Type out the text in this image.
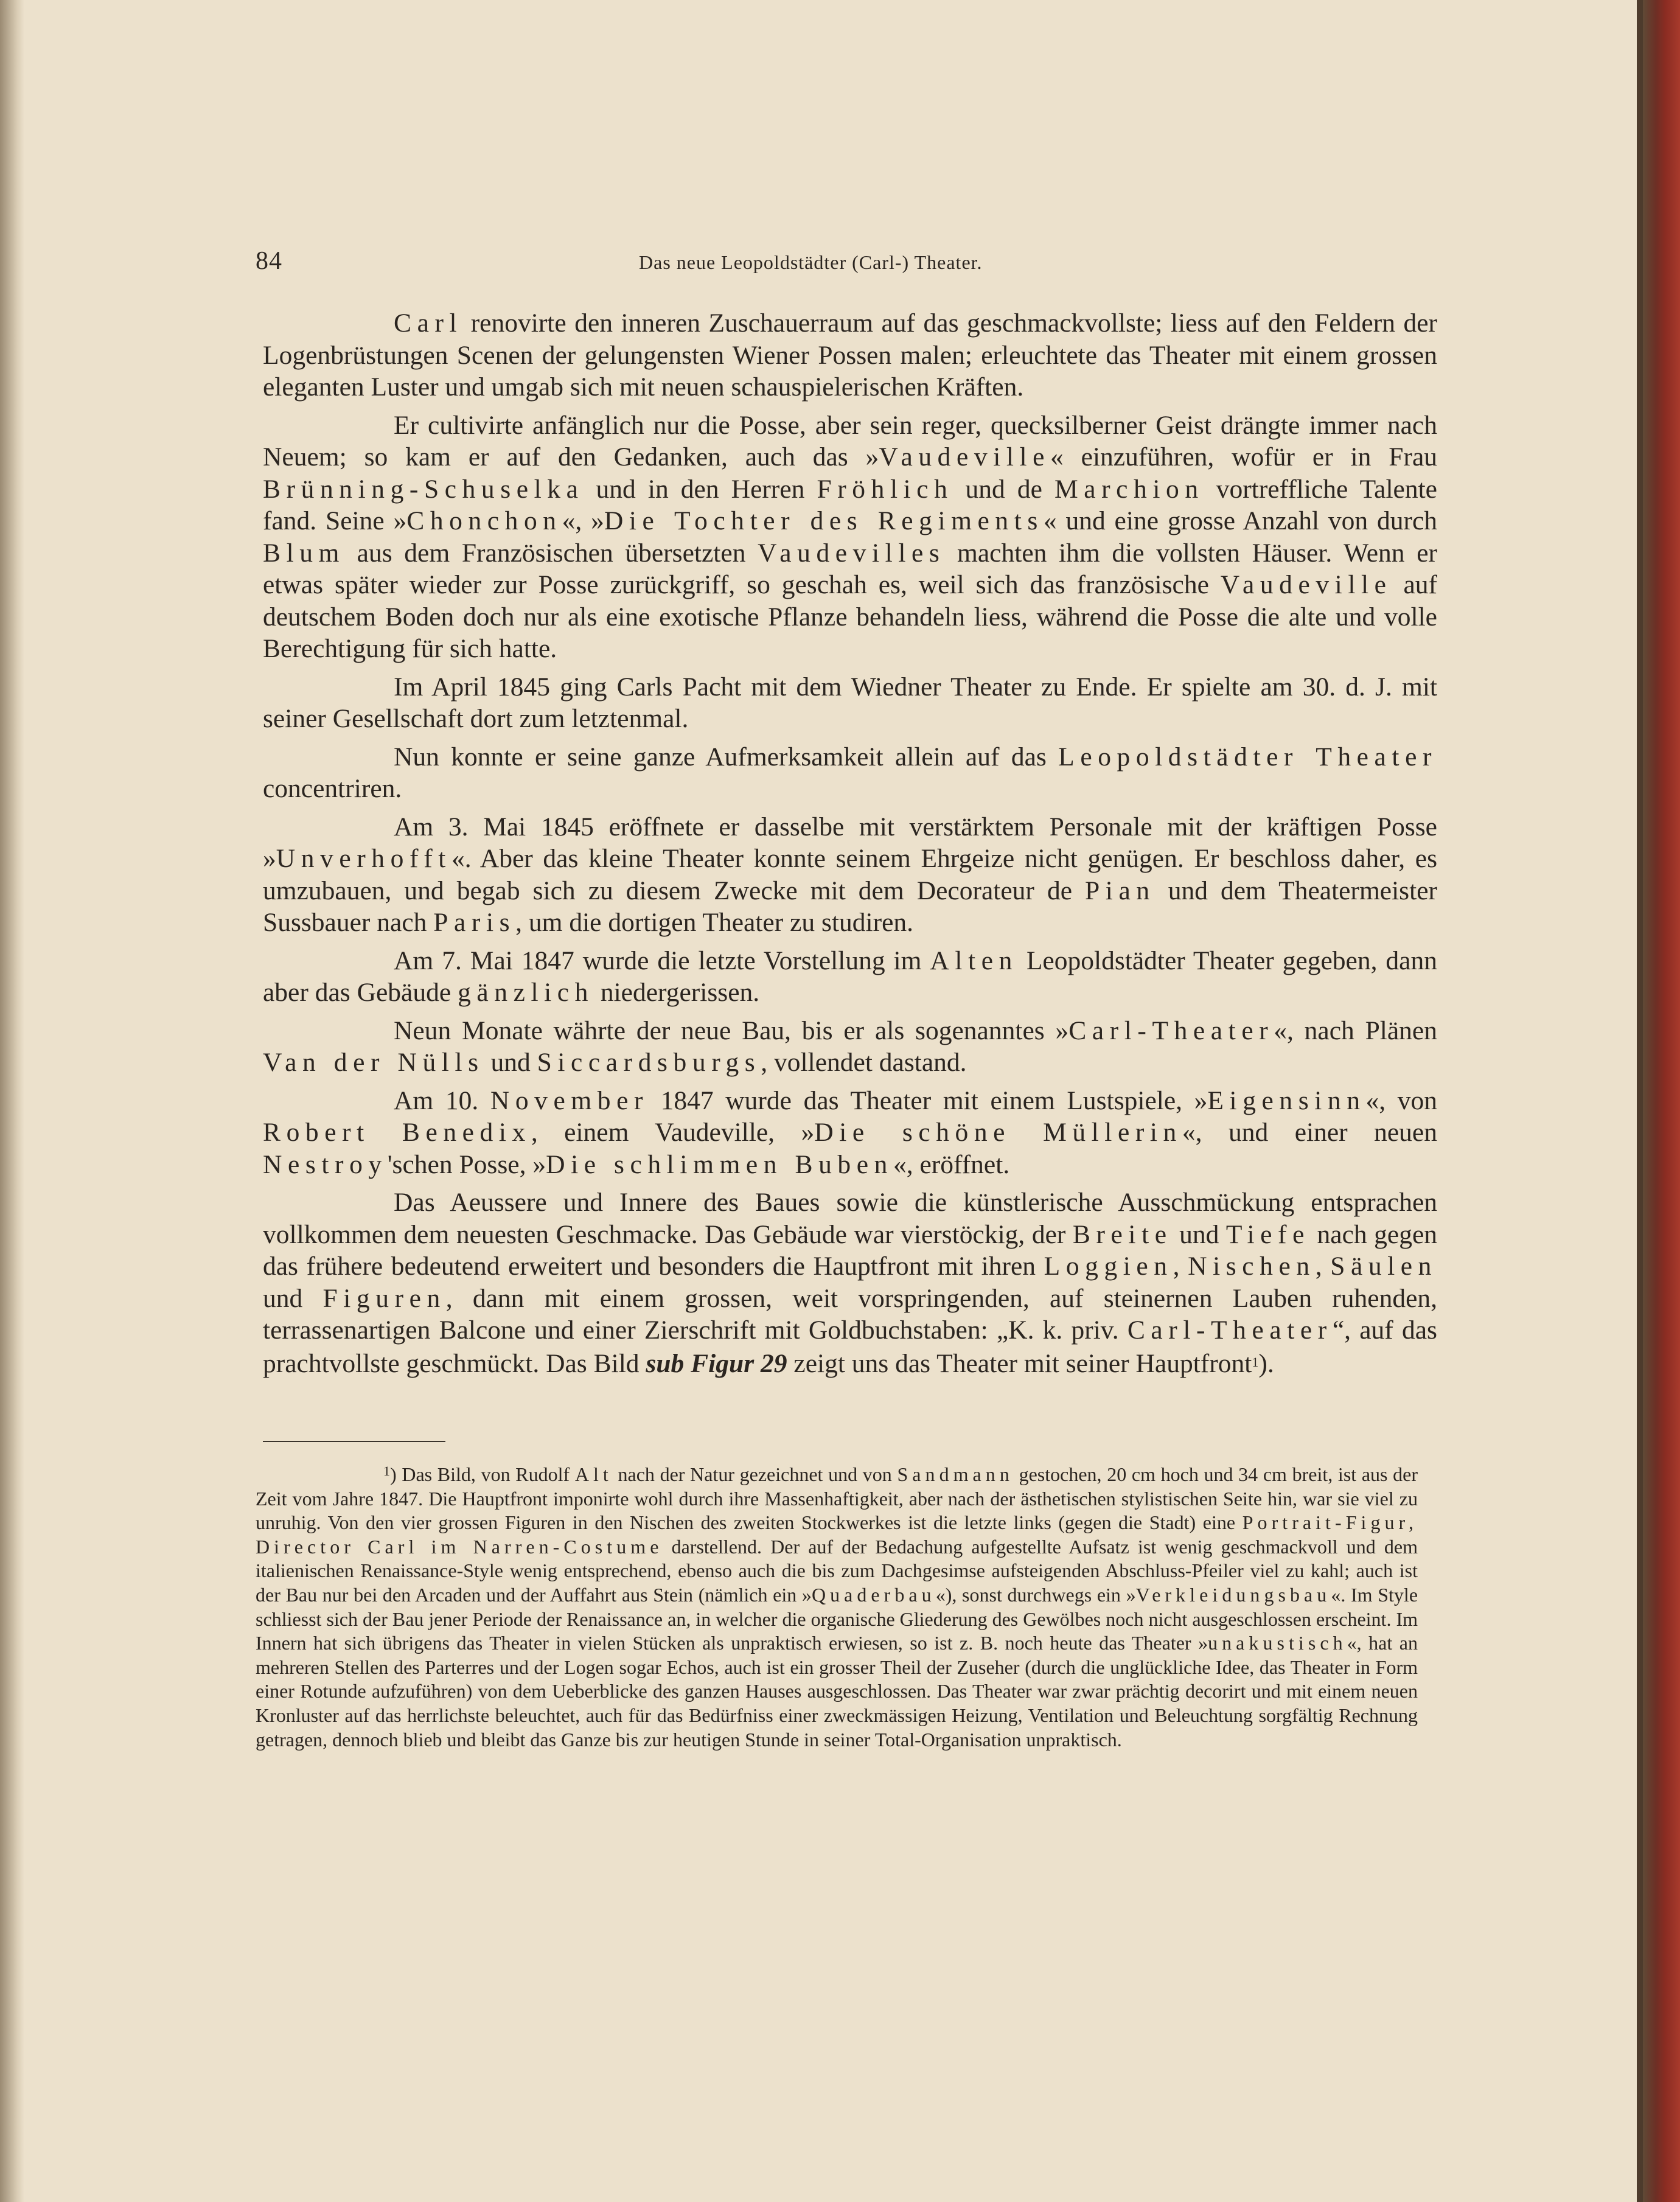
84	Das neue Leopoldstädter (Carl-) Theater.

Carl renovirte den inneren Zuschauerraum auf das geschmackvollste; liess auf den Feldern der Logenbrüstungen Scenen der gelungensten Wiener Possen malen; erleuchtete das Theater mit einem grossen eleganten Luster und umgab sich mit neuen schauspielerischen Kräften.

Er cultivirte anfänglich nur die Posse, aber sein reger, quecksilberner Geist drängte immer nach Neuem; so kam er auf den Gedanken, auch das »Vaudeville« einzuführen, wofür er in Frau Brünning-Schuselka und in den Herren Fröhlich und de Marchion vortreffliche Talente fand. Seine »Chonchon«, »Die Tochter des Regiments« und eine grosse Anzahl von durch Blum aus dem Französischen übersetzten Vaudevilles machten ihm die vollsten Häuser. Wenn er etwas später wieder zur Posse zurückgriff, so geschah es, weil sich das französische Vaudeville auf deutschem Boden doch nur als eine exotische Pflanze behandeln liess, während die Posse die alte und volle Berechtigung für sich hatte.

Im April 1845 ging Carls Pacht mit dem Wiedner Theater zu Ende. Er spielte am 30. d. J. mit seiner Gesellschaft dort zum letztenmal.

Nun konnte er seine ganze Aufmerksamkeit allein auf das Leopoldstädter Theater concentriren.

Am 3. Mai 1845 eröffnete er dasselbe mit verstärktem Personale mit der kräftigen Posse »Unverhofft«. Aber das kleine Theater konnte seinem Ehrgeize nicht genügen. Er beschloss daher, es umzubauen, und begab sich zu diesem Zwecke mit dem Decorateur de Pian und dem Theatermeister Sussbauer nach Paris, um die dortigen Theater zu studiren.

Am 7. Mai 1847 wurde die letzte Vorstellung im Alten Leopoldstädter Theater gegeben, dann aber das Gebäude gänzlich niedergerissen.

Neun Monate währte der neue Bau, bis er als sogenanntes »Carl-Theater«, nach Plänen Van der Nülls und Siccardsburgs, vollendet dastand.

Am 10. November 1847 wurde das Theater mit einem Lustspiele, »Eigensinn«, von Robert Benedix, einem Vaudeville, »Die schöne Müllerin«, und einer neuen Nestroy'schen Posse, »Die schlimmen Buben«, eröffnet.

Das Aeussere und Innere des Baues sowie die künstlerische Ausschmückung entsprachen vollkommen dem neuesten Geschmacke. Das Gebäude war vierstöckig, der Breite und Tiefe nach gegen das frühere bedeutend erweitert und besonders die Hauptfront mit ihren Loggien, Nischen, Säulen und Figuren, dann mit einem grossen, weit vorspringenden, auf steinernen Lauben ruhenden, terrassenartigen Balcone und einer Zierschrift mit Goldbuchstaben: „K. k. priv. Carl-Theater“, auf das prachtvollste geschmückt. Das Bild sub Figur 29 zeigt uns das Theater mit seiner Hauptfront$^1$).

$^1$) Das Bild, von Rudolf Alt nach der Natur gezeichnet und von Sandmann gestochen, 20 cm hoch und 34 cm breit, ist aus der Zeit vom Jahre 1847. Die Hauptfront imponirte wohl durch ihre Massenhaftigkeit, aber nach der ästhetischen stylistischen Seite hin, war sie viel zu unruhig. Von den vier grossen Figuren in den Nischen des zweiten Stockwerkes ist die letzte links (gegen die Stadt) eine Portrait-Figur, Director Carl im Narren-Costume darstellend. Der auf der Bedachung aufgestellte Aufsatz ist wenig geschmackvoll und dem italienischen Renaissance-Style wenig entsprechend, ebenso auch die bis zum Dachgesimse aufsteigenden Abschluss-Pfeiler viel zu kahl; auch ist der Bau nur bei den Arcaden und der Auffahrt aus Stein (nämlich ein »Quaderbau«), sonst durchwegs ein »Verkleidungsbau«. Im Style schliesst sich der Bau jener Periode der Renaissance an, in welcher die organische Gliederung des Gewölbes noch nicht ausgeschlossen erscheint. Im Innern hat sich übrigens das Theater in vielen Stücken als unpraktisch erwiesen, so ist z. B. noch heute das Theater »unakustisch«, hat an mehreren Stellen des Parterres und der Logen sogar Echos, auch ist ein grosser Theil der Zuseher (durch die unglückliche Idee, das Theater in Form einer Rotunde aufzuführen) von dem Ueberblicke des ganzen Hauses ausgeschlossen. Das Theater war zwar prächtig decorirt und mit einem neuen Kronluster auf das herrlichste beleuchtet, auch für das Bedürfniss einer zweckmässigen Heizung, Ventilation und Beleuchtung sorgfältig Rechnung getragen, dennoch blieb und bleibt das Ganze bis zur heutigen Stunde in seiner Total-Organisation unpraktisch.
